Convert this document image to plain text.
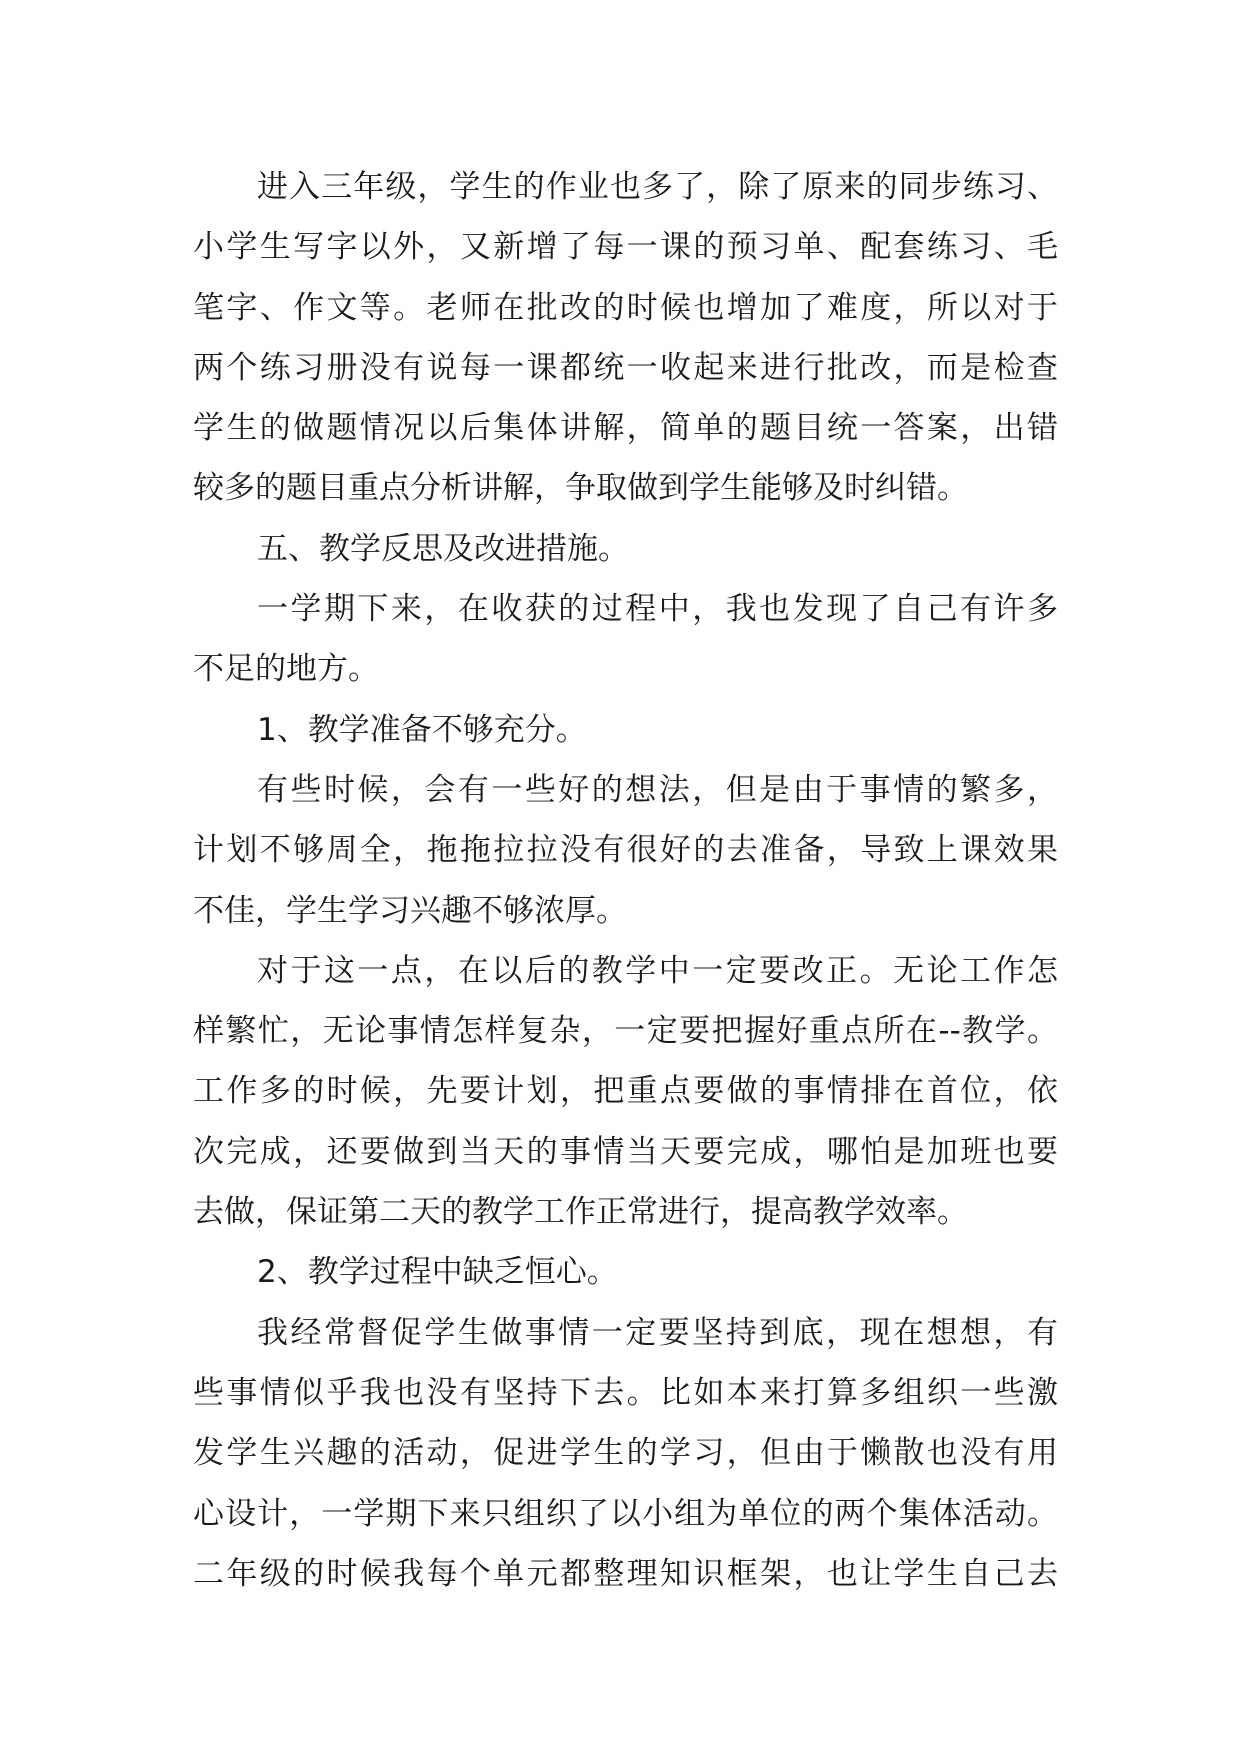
进入三年级，学生的作业也多了，除了原来的同步练习、
小学生写字以外，又新增了每一课的预习单、配套练习、毛
笔字、作文等。老师在批改的时候也增加了难度，所以对于
两个练习册没有说每一课都统一收起来进行批改，而是检查
学生的做题情况以后集体讲解，简单的题目统一答案，出错
较多的题目重点分析讲解，争取做到学生能够及时纠错。
五、教学反思及改进措施。
一学期下来，在收获的过程中，我也发现了自己有许多
不足的地方。
1、教学准备不够充分。
有些时候，会有一些好的想法，但是由于事情的繁多，
计划不够周全，拖拖拉拉没有很好的去准备，导致上课效果
不佳，学生学习兴趣不够浓厚。
对于这一点，在以后的教学中一定要改正。无论工作怎
样繁忙，无论事情怎样复杂，一定要把握好重点所在--教学。
工作多的时候，先要计划，把重点要做的事情排在首位，依
次完成，还要做到当天的事情当天要完成，哪怕是加班也要
去做，保证第二天的教学工作正常进行，提高教学效率。
2、教学过程中缺乏恒心。
我经常督促学生做事情一定要坚持到底，现在想想，有
些事情似乎我也没有坚持下去。比如本来打算多组织一些激
发学生兴趣的活动，促进学生的学习，但由于懒散也没有用
心设计，一学期下来只组织了以小组为单位的两个集体活动。
二年级的时候我每个单元都整理知识框架，也让学生自己去
